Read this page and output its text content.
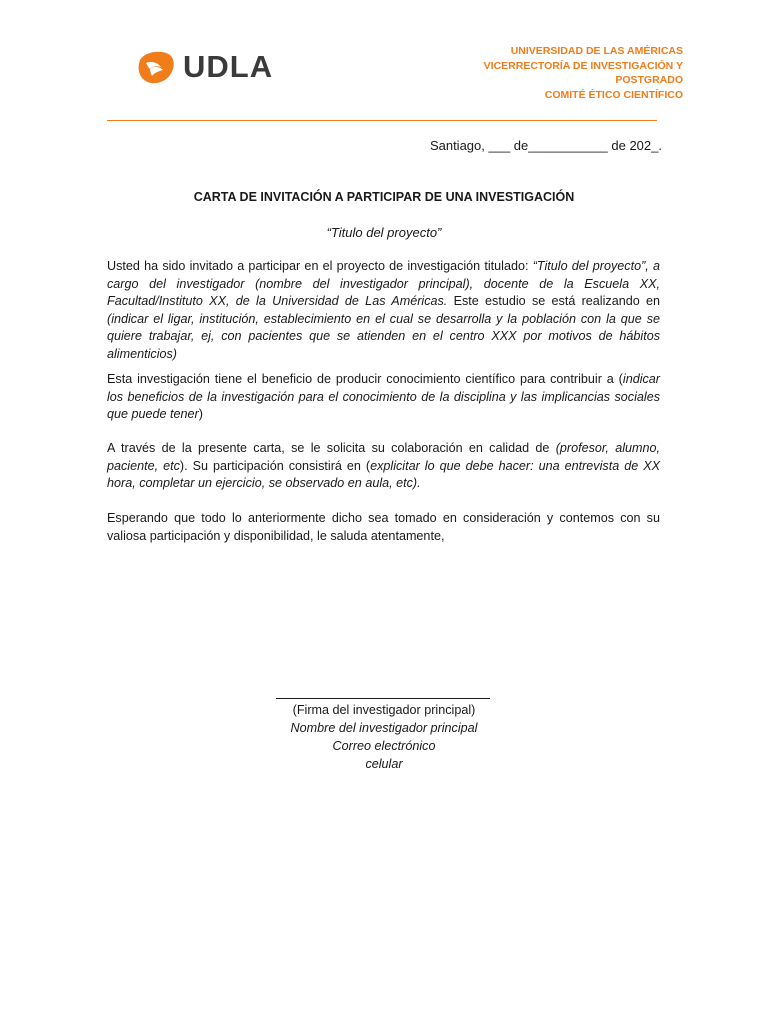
UDLA	UNIVERSIDAD DE LAS AMÉRICAS
VICERRECTORÍA DE INVESTIGACIÓN Y
POSTGRADO
COMITÉ ÉTICO CIENTÍFICO
Santiago, ___ de___________ de 202_.
CARTA DE INVITACIÓN A PARTICIPAR DE UNA INVESTIGACIÓN
“Titulo del proyecto”
Usted ha sido invitado a participar en el proyecto de investigación titulado: “Titulo del proyecto”, a cargo del investigador (nombre del investigador principal), docente de la Escuela XX, Facultad/Instituto XX, de la Universidad de Las Américas. Este estudio se está realizando en (indicar el ligar, institución, establecimiento en el cual se desarrolla y la población con la que se quiere trabajar, ej, con pacientes que se atienden en el centro XXX por motivos de hábitos alimenticios)
Esta investigación tiene el beneficio de producir conocimiento científico para contribuir a (indicar los beneficios de la investigación para el conocimiento de la disciplina y las implicancias sociales que puede tener)
A través de la presente carta, se le solicita su colaboración en calidad de (profesor, alumno, paciente, etc). Su participación consistirá en (explicitar lo que debe hacer: una entrevista de XX hora, completar un ejercicio, se observado en aula, etc).
Esperando que todo lo anteriormente dicho sea tomado en consideración y contemos con su valiosa participación y disponibilidad, le saluda atentamente,
(Firma del investigador principal)
Nombre del investigador principal
Correo electrónico
celular
